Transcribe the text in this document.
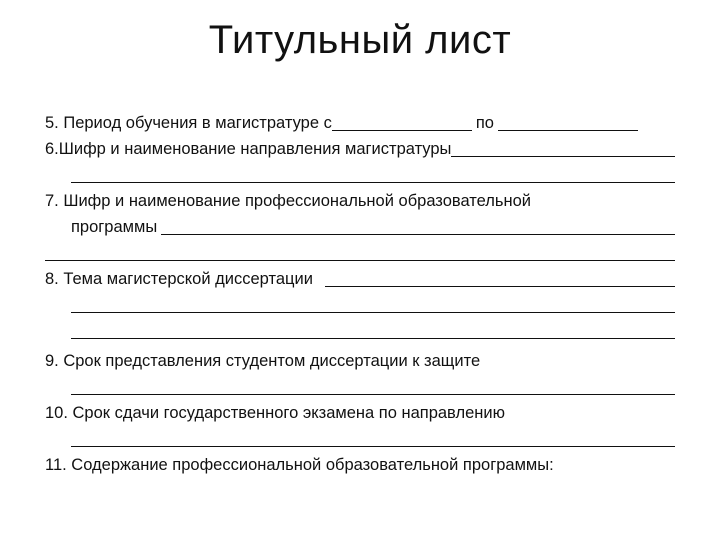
Титульный лист
5. Период обучения в магистратуре с	по
6.Шифр и наименование направления магистратуры
7. Шифр и наименование профессиональной образовательной
программы
8. Тема магистерской диссертации
9. Срок представления студентом диссертации к защите
10. Срок сдачи государственного экзамена по направлению
11. Содержание профессиональной образовательной программы:
